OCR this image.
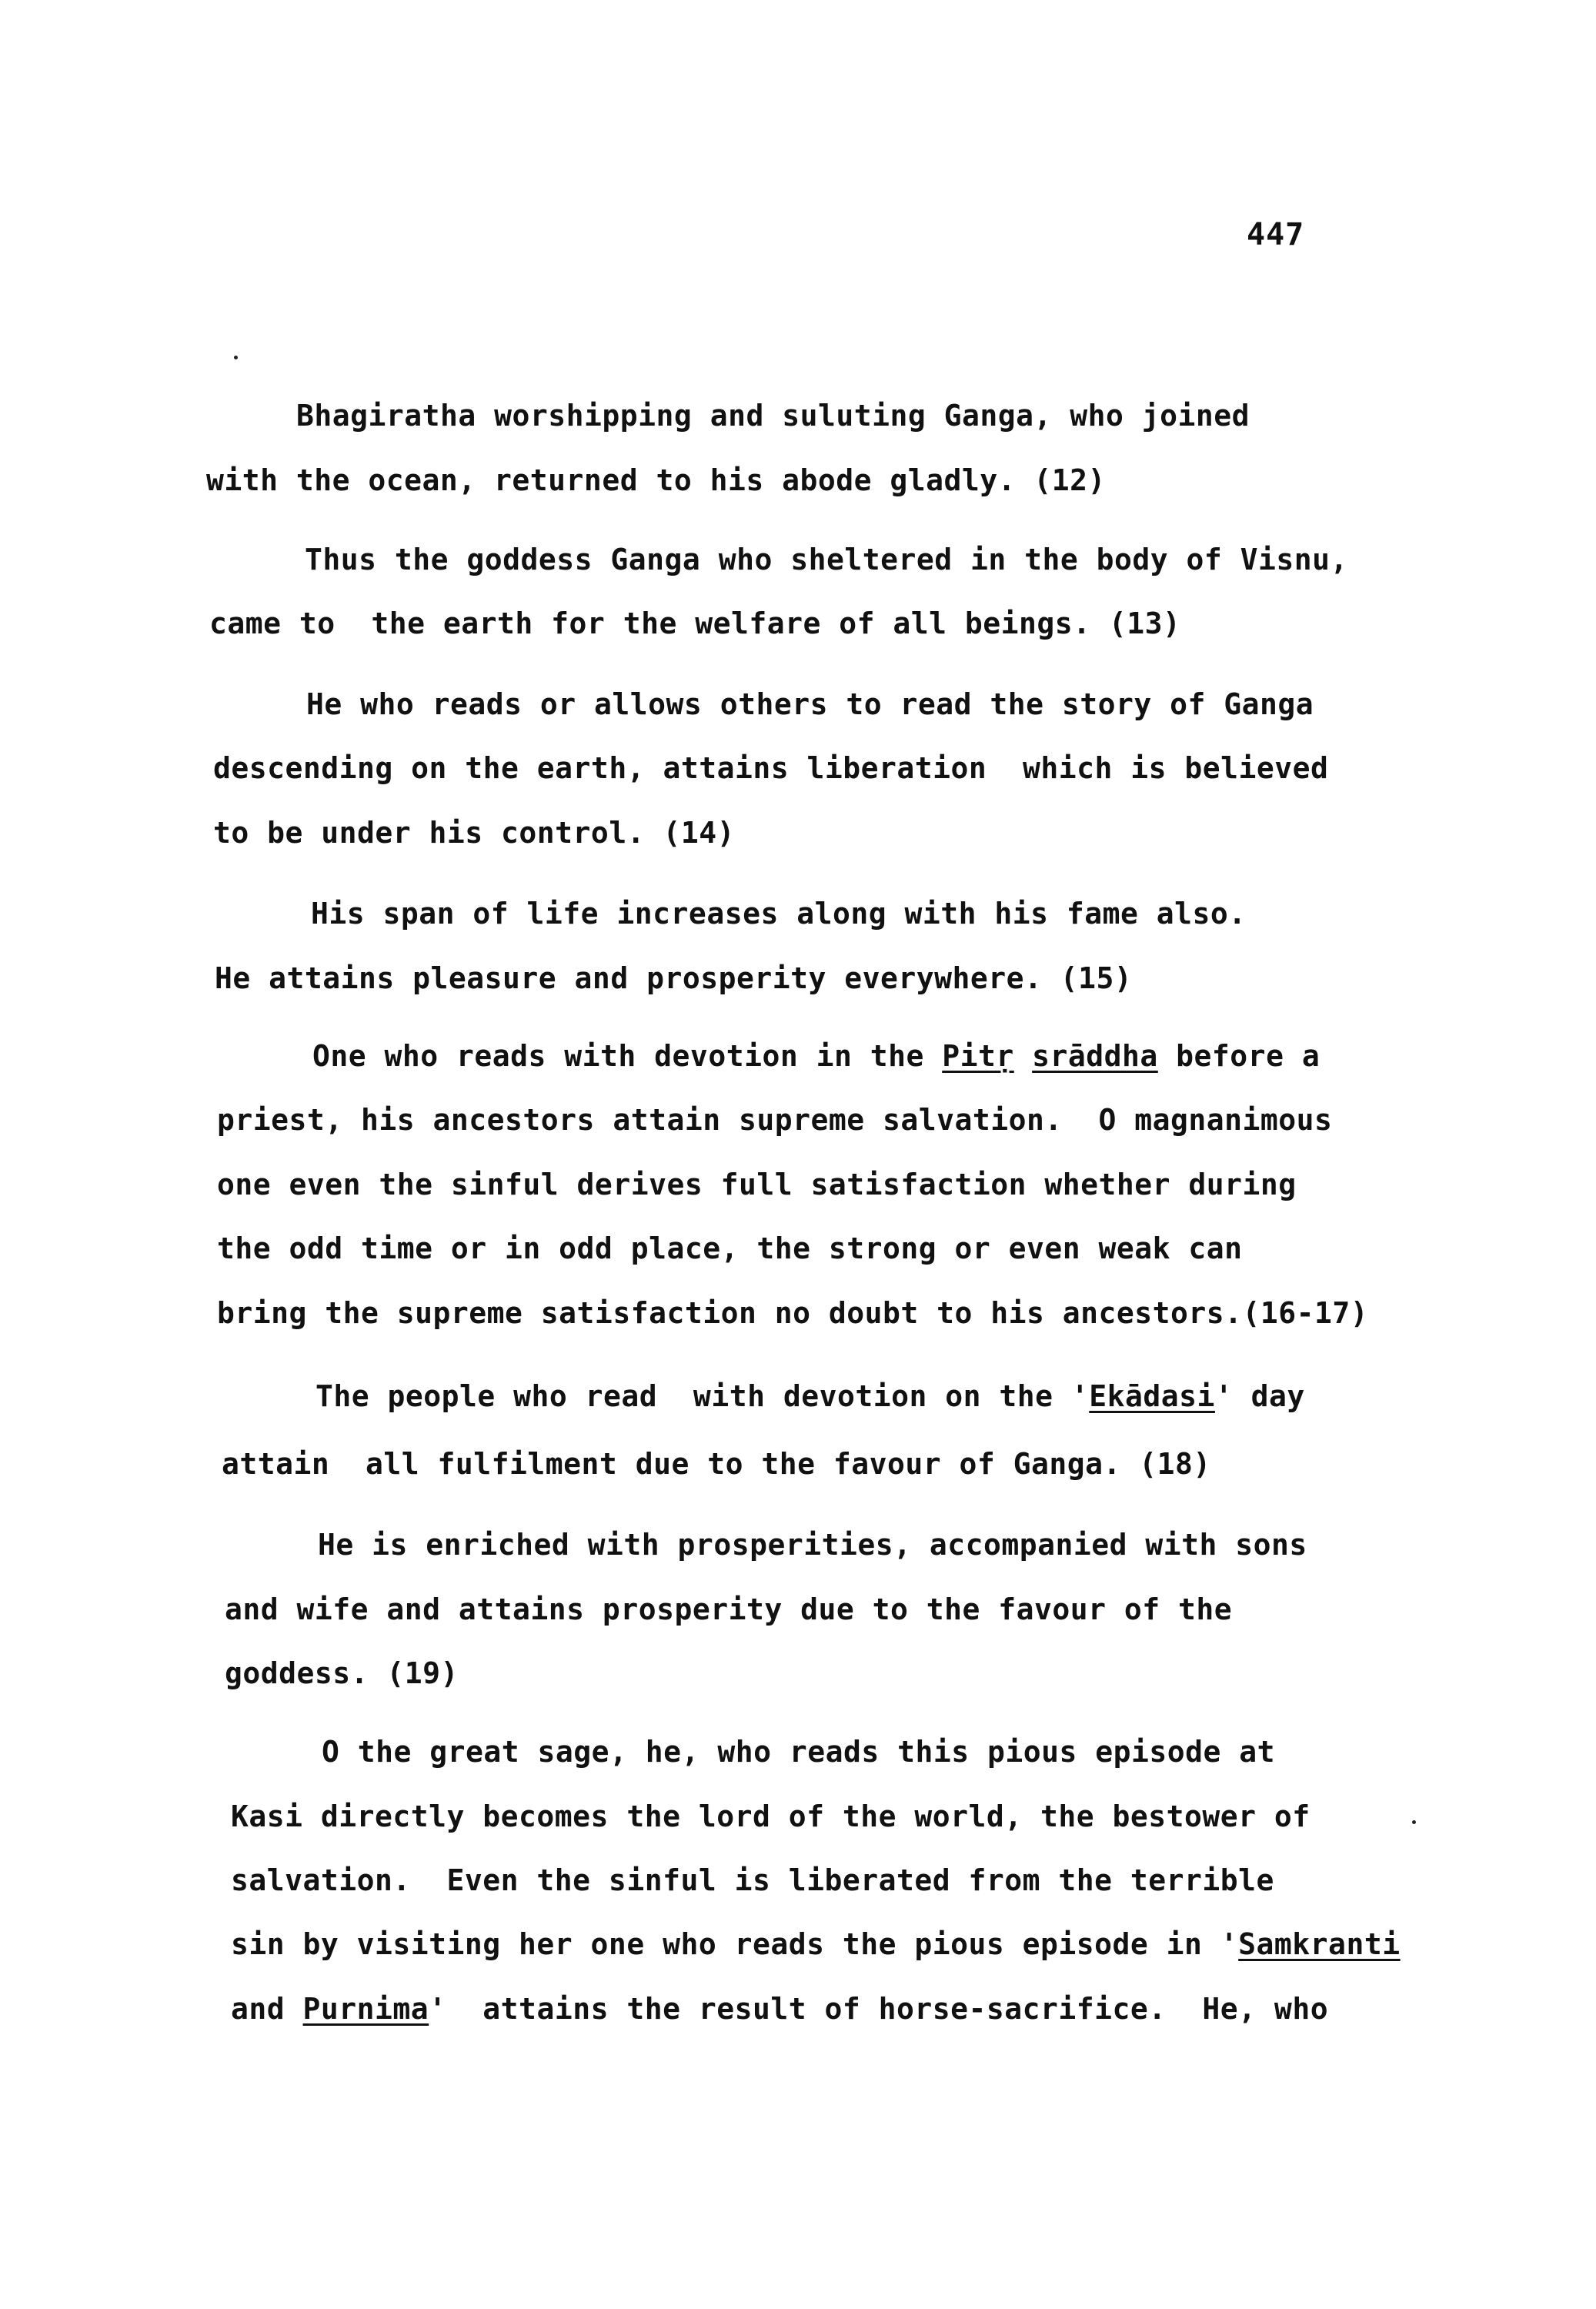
447
Bhagiratha worshipping and suluting Ganga, who joined
with the ocean, returned to his abode gladly. (12)
Thus the goddess Ganga who sheltered in the body of Visnu,
came to  the earth for the welfare of all beings. (13)
He who reads or allows others to read the story of Ganga
descending on the earth, attains liberation  which is believed
to be under his control. (14)
His span of life increases along with his fame also.
He attains pleasure and prosperity everywhere. (15)
One who reads with devotion in the Pitṛ srāddha before a
priest, his ancestors attain supreme salvation.  O magnanimous
one even the sinful derives full satisfaction whether during
the odd time or in odd place, the strong or even weak can
bring the supreme satisfaction no doubt to his ancestors.(16-17)
The people who read  with devotion on the 'Ekādasi' day
attain  all fulfilment due to the favour of Ganga. (18)
He is enriched with prosperities, accompanied with sons
and wife and attains prosperity due to the favour of the
goddess. (19)
O the great sage, he, who reads this pious episode at
Kasi directly becomes the lord of the world, the bestower of
salvation.  Even the sinful is liberated from the terrible
sin by visiting her one who reads the pious episode in 'Samkranti
and Purnima'  attains the result of horse-sacrifice.  He, who
